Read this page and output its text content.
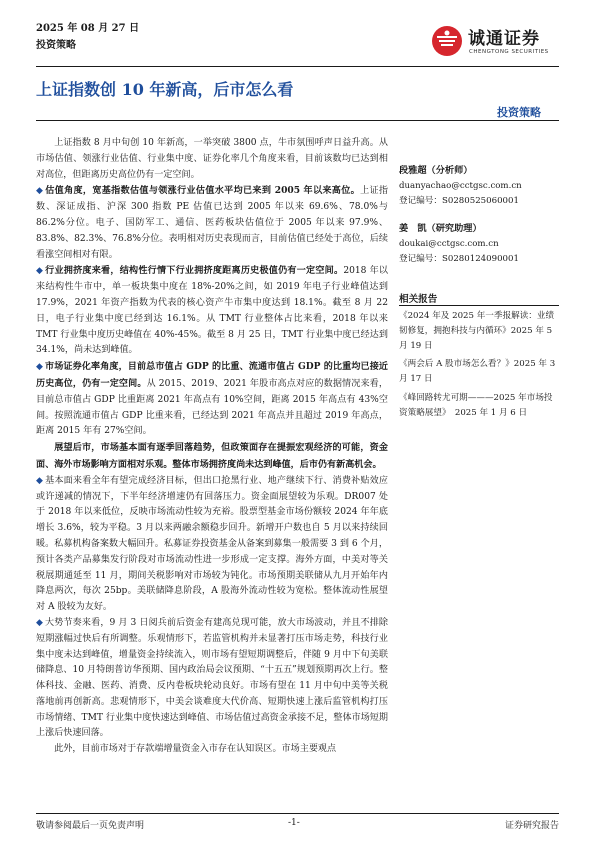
2025 年 08 月 27 日
投资策略	诚通证券
CHENGTONG SECURITIES
上证指数创 10 年新高，后市怎么看
投资策略

上证指数 8 月中旬创 10 年新高，一举突破 3800 点，牛市氛围呼声日益升高。从市场估值、领涨行业估值、行业集中度、证券化率几个角度来看，目前该数均已达到相对高位，但距离历史高位仍有一定空间。

◆ 估值角度，宽基指数估值与领涨行业估值水平均已来到 2005 年以来高位。上证指数、深证成指、沪深 300 指数 PE 估值已达到 2005 年以来 69.6%、78.0%与 86.2%分位。电子、国防军工、通信、医药板块估值位于 2005 年以来 97.9%、83.8%、82.3%、76.8%分位。表明相对历史表现而言，目前估值已经处于高位，后续看涨空间相对有限。

◆ 行业拥挤度来看，结构性行情下行业拥挤度距离历史极值仍有一定空间。2018 年以来结构性牛市中，单一板块集中度在 18%-20%之间，如 2019 年电子行业峰值达到 17.9%，2021 年资产指数为代表的核心资产牛市集中度达到 18.1%。截至 8 月 22 日，电子行业集中度已经到达 16.1%。从 TMT 行业整体占比来看，2018 年以来 TMT 行业集中度历史峰值在 40%-45%。截至 8 月 25 日，TMT 行业集中度已经达到 34.1%，尚未达到峰值。

◆ 市场证券化率角度，目前总市值占 GDP 的比重、流通市值占 GDP 的比重均已接近历史高位，仍有一定空间。从 2015、2019、2021 年股市高点对应的数据情况来看，目前总市值占 GDP 比重距离 2021 年高点有 10%空间，距离 2015 年高点有 43%空间。按照流通市值占 GDP 比重来看，已经达到 2021 年高点并且超过 2019 年高点，距离 2015 年有 27%空间。

展望后市，市场基本面有逐季回落趋势，但政策面存在提振宏观经济的可能，资金面、海外市场影响方面相对乐观。整体市场拥挤度尚未达到峰值，后市仍有新高机会。

◆ 基本面来看全年有望完成经济目标，但出口抢黑行业、地产继续下行、消费补贴效应或许递减的情况下，下半年经济增速仍有回落压力。资金面展望较为乐观。DR007 处于 2018 年以来低位，反映市场流动性较为充裕。股票型基金市场份额较 2024 年年底增长 3.6%，较为平稳。3 月以来两融余额稳步回升。新增开户数也自 5 月以来持续回暖。私募机构备案数大幅回升。私募证券投资基金从备案到募集一般需要 3 到 6 个月，预计各类产品募集发行阶段对市场流动性进一步形成一定支撑。海外方面，中美对等关税展期通延至 11 月，期间关税影响对市场较为钝化。市场预期美联储从九月开始年内降息两次，每次 25bp。美联储降息阶段，A 股海外流动性较为宽松。整体流动性展望对 A 股较为友好。

◆ 大势节奏来看，9 月 3 日阅兵前后资金有建高兑现可能，放大市场波动，并且不排除短期涨幅过快后有所调整。乐观情形下，若监管机构并未显著打压市场走势，科技行业集中度未达到峰值，增量资金持续流入，则市场有望短期调整后，伴随 9 月中下旬美联储降息、10 月特朗普访华预期、国内政治局会议预期、“十五五”规划预期再次上行。整体科技、金融、医药、消费、反内卷板块轮动良好。市场有望在 11 月中旬中美等关税落地前再创新高。悲观情形下，中美会谈难度大代价高、短期快速上涨后监管机构打压市场情绪、TMT 行业集中度快速达到峰值、市场估值过高资金承接不足，整体市场短期上涨后快速回落。

此外，目前市场对于存款端增量资金入市存在认知误区。市场主要观点

段雅超（分析师）
duanyachao@cctgsc.com.cn
登记编号：S0280525060001
姜　凯（研究助理）
doukai@cctgsc.com.cn
登记编号：S0280124090001
相关报告
《2024 年及 2025 年一季报解读：业绩韧修复，拥抱科技与内循环》2025 年 5 月 19 日
《两会后 A 股市场怎么看？》2025 年 3 月 17 日
《峰回路转尤可期———2025 年市场投资策略展望》　2025 年 1 月 6 日
敬请参阅最后一页免责声明	-1-	证券研究报告
